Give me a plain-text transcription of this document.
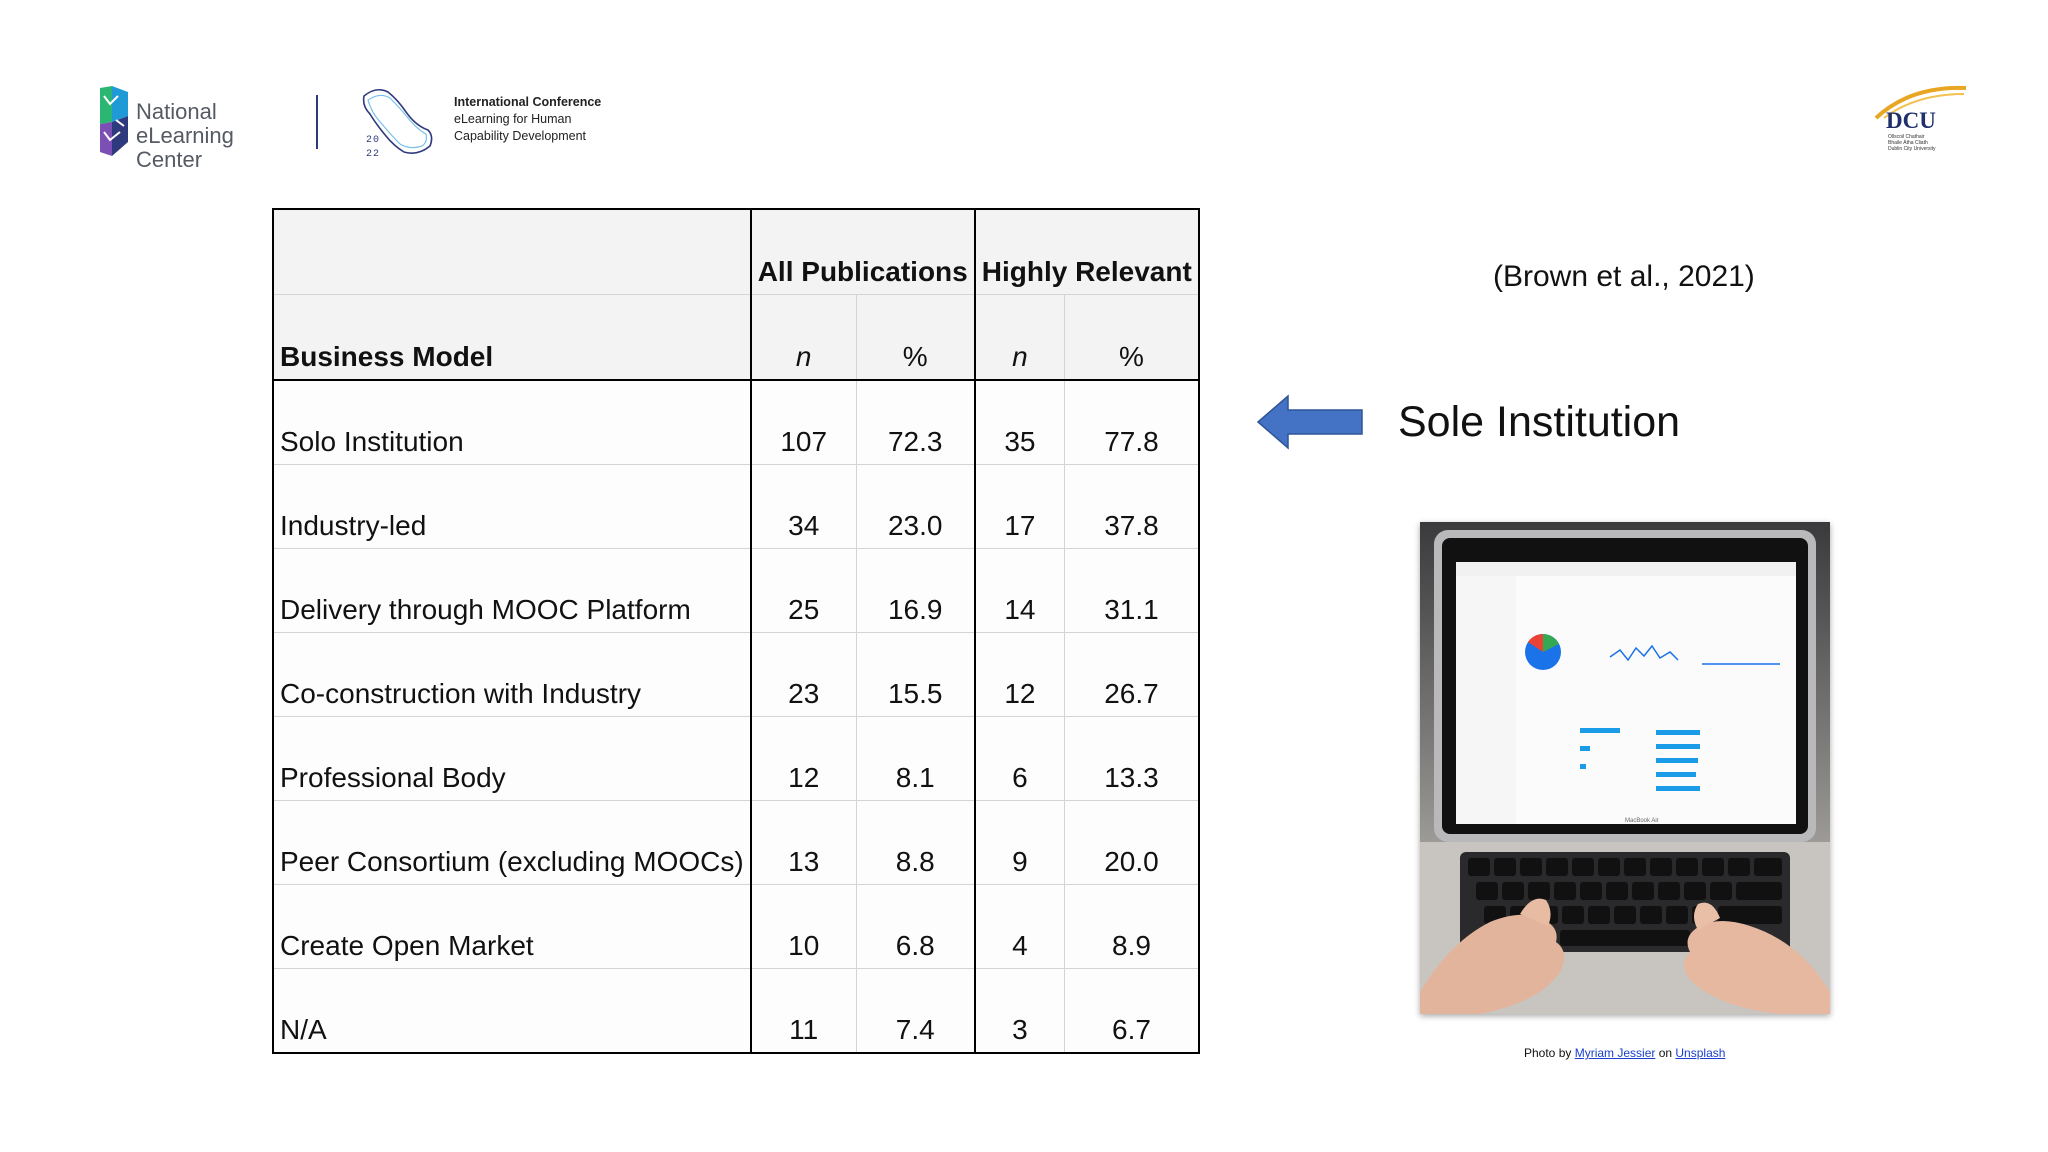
National
eLearning Center
20
22
International Conference
eLearning for Human
Capability Development
DCU
Ollscoil Chathair
Bhaile Átha Cliath
Dublin City University
	All Publications		Highly Relevant	
Business Model	n	%	n	%
Solo Institution	107	72.3	35	77.8
Industry-led	34	23.0	17	37.8
Delivery through MOOC Platform	25	16.9	14	31.1
Co-construction with Industry	23	15.5	12	26.7
Professional Body	12	8.1	6	13.3
Peer Consortium (excluding MOOCs)	13	8.8	9	20.0
Create Open Market	10	6.8	4	8.9
N/A	11	7.4	3	6.7
(Brown et al., 2021)
Sole Institution
MacBook Air
Photo by Myriam Jessier on Unsplash
